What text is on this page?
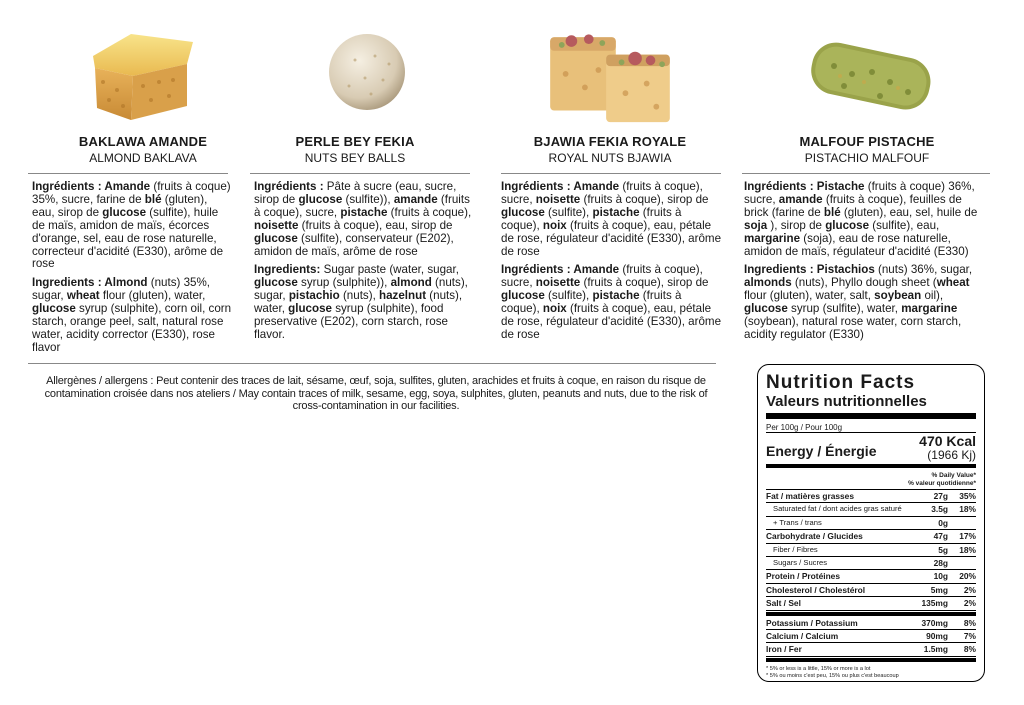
BAKLAWA AMANDE
ALMOND BAKLAVA

Ingrédients : Amande (fruits à coque) 35%, sucre, farine de blé (gluten), eau, sirop de glucose (sulfite), huile de maïs, amidon de maïs, écorces d'orange, sel, eau de rose naturelle, correcteur d'acidité (E330), arôme de rose

Ingredients : Almond (nuts) 35%, sugar, wheat flour (gluten), water, glucose syrup (sulphite), corn oil, corn starch, orange peel, salt, natural rose water, acidity corrector (E330), rose flavor

PERLE BEY FEKIA
NUTS BEY BALLS

Ingrédients : Pâte à sucre (eau, sucre, sirop de glucose (sulfite)), amande (fruits à coque), sucre, pistache (fruits à coque), noisette (fruits à coque), eau, sirop de glucose (sulfite), conservateur (E202), amidon de maïs, arôme de rose

Ingredients: Sugar paste (water, sugar, glucose syrup (sulphite)), almond (nuts), sugar, pistachio (nuts), hazelnut (nuts), water, glucose syrup (sulphite), food preservative (E202), corn starch, rose flavor.

BJAWIA FEKIA ROYALE
ROYAL NUTS BJAWIA

Ingrédients : Amande (fruits à coque), sucre, noisette (fruits à coque), sirop de glucose (sulfite), pistache (fruits à coque), noix (fruits à coque), eau, pétale de rose, régulateur d'acidité (E330), arôme de rose

Ingrédients : Amande (fruits à coque), sucre, noisette (fruits à coque), sirop de glucose (sulfite), pistache (fruits à coque), noix (fruits à coque), eau, pétale de rose, régulateur d'acidité (E330), arôme de rose

MALFOUF PISTACHE
PISTACHIO MALFOUF

Ingrédients : Pistache (fruits à coque) 36%, sucre, amande (fruits à coque), feuilles de brick (farine de blé (gluten), eau, sel, huile de soja ), sirop de glucose (sulfite), eau, margarine (soja), eau de rose naturelle, amidon de maïs, régulateur d'acidité (E330)

Ingredients : Pistachios (nuts) 36%, sugar, almonds (nuts), Phyllo dough sheet (wheat flour (gluten), water, salt, soybean oil), glucose syrup (sulfite), water, margarine (soybean), natural rose water, corn starch, acidity regulator (E330)

Allergènes / allergens : Peut contenir des traces de lait, sésame, œuf, soja, sulfites, gluten, arachides et fruits à coque, en raison du risque de contamination croisée dans nos ateliers / May contain traces of milk, sesame, egg, soya, sulphites, gluten, peanuts and nuts, due to the risk of cross-contamination in our facilities.
Nutrition Facts
Valeurs nutritionnelles
Per 100g / Pour 100g
Energy / Énergie
470 Kcal
(1966 Kj)
% Daily Value*
% valeur quotidienne*
Fat / matières grasses	27g	35%
Saturated fat / dont acides gras saturé	3.5g	18%
+ Trans / trans	0g
Carbohydrate / Glucides	47g	17%
Fiber / Fibres	5g	18%
Sugars / Sucres	28g
Protein / Protéines	10g	20%
Cholesterol / Cholestérol	5mg	2%
Salt / Sel	135mg	2%
Potassium / Potassium	370mg	8%
Calcium / Calcium	90mg	7%
Iron / Fer	1.5mg	8%
* 5% or less is a little, 15% or more is a lot
* 5% ou moins c'est peu, 15% ou plus c'est beaucoup
